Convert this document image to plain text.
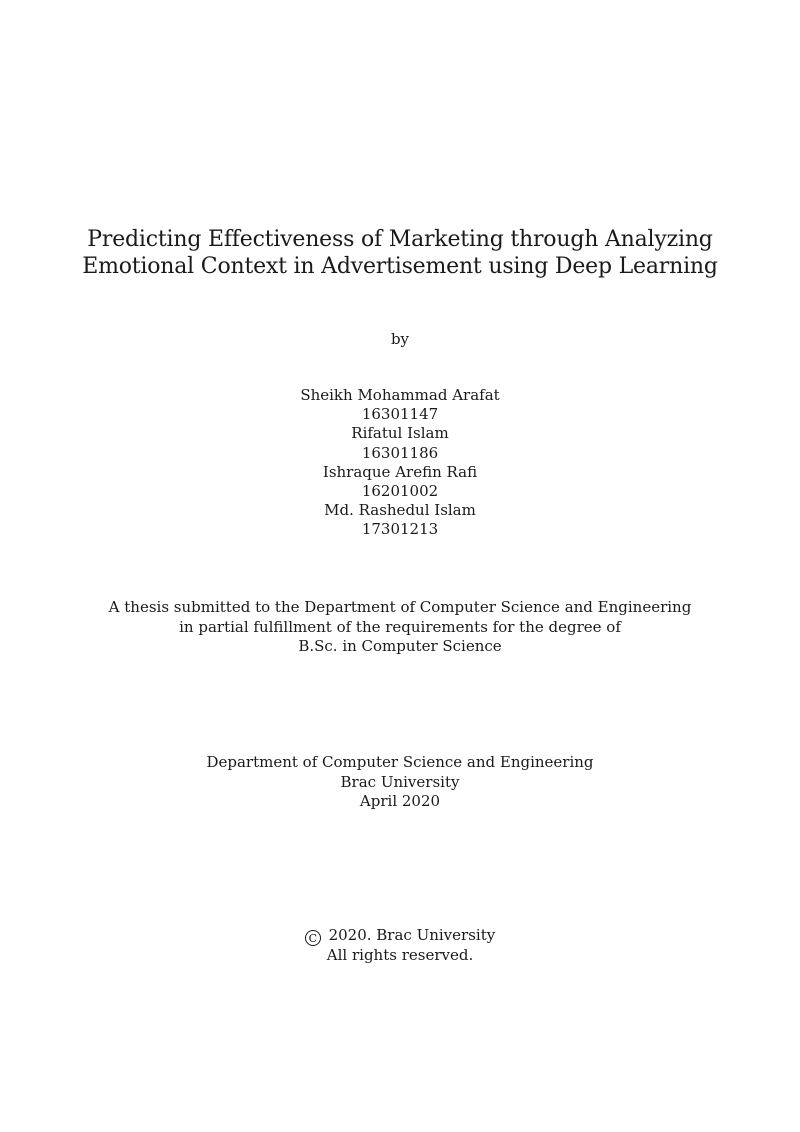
Predicting Effectiveness of Marketing through Analyzing
Emotional Context in Advertisement using Deep Learning
by
Sheikh Mohammad Arafat
16301147
Rifatul Islam
16301186
Ishraque Arefin Rafi
16201002
Md. Rashedul Islam
17301213
A thesis submitted to the Department of Computer Science and Engineering
in partial fulfillment of the requirements for the degree of
B.Sc. in Computer Science
Department of Computer Science and Engineering
Brac University
April 2020
C 2020. Brac University
All rights reserved.
